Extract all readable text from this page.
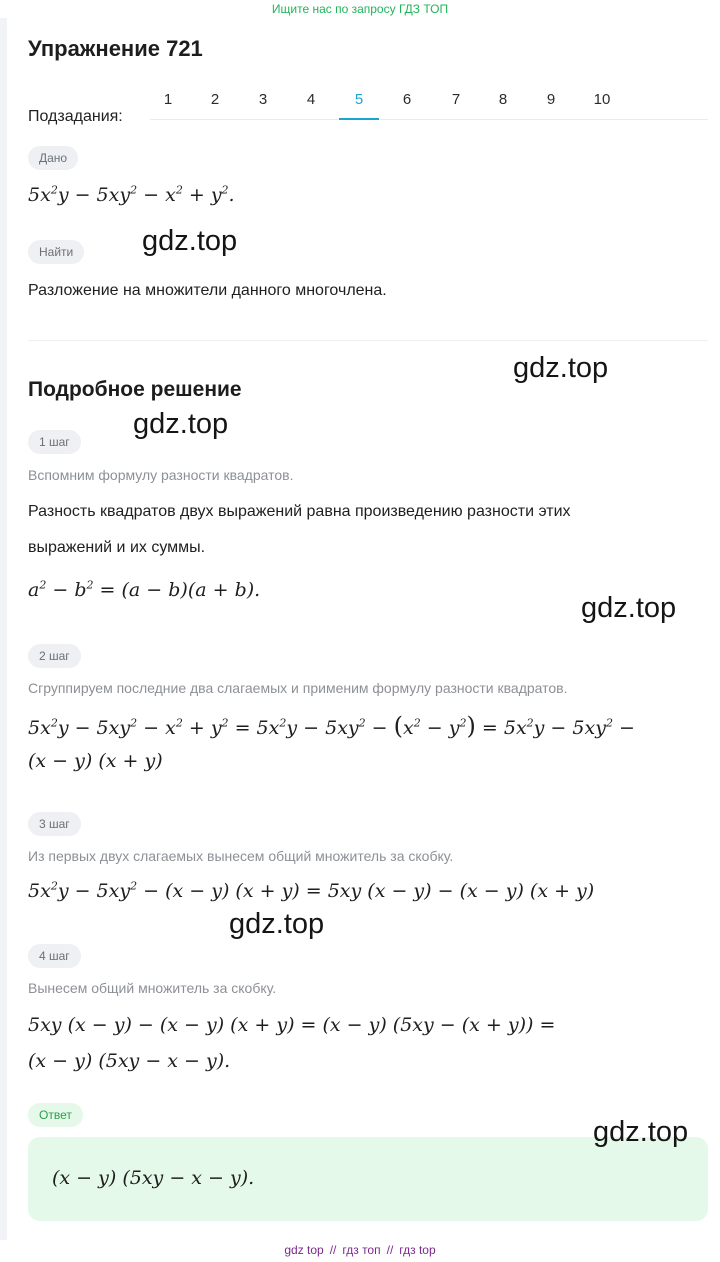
Ищите нас по запросу ГДЗ ТОП
Упражнение 721
Подзадания:
1	2	3	4	5	6	7	8	9	10
Дано
$5x^2y - 5xy^2 - x^2 + y^2$.
Найти
Разложение на множители данного многочлена.
Подробное решение
1 шаг
Вспомним формулу разности квадратов.
Разность квадратов двух выражений равна произведению разности этих
выражений и их суммы.
$a^2 - b^2 = (a - b)(a + b)$.
2 шаг
Сгруппируем последние два слагаемых и применим формулу разности квадратов.
$5x^2y - 5xy^2 - x^2 + y^2 = 5x^2y - 5xy^2 - (x^2 - y^2) = 5x^2y - 5xy^2$ −
(x − y) (x + y)
3 шаг
Из первых двух слагаемых вынесем общий множитель за скобку.
$5x^2y - 5xy^2 - (x - y) (x + y) = 5xy$ (x − y) − (x − y) (x + y)
4 шаг
Вынесем общий множитель за скобку.
5xy (x − y) − (x − y) (x + y) = (x − y) (5xy − (x + y)) =
(x − y) (5xy − x − y).
Ответ
(x − y) (5xy − x − y).
gdz.top
gdz.top
gdz.top
gdz.top
gdz.top
gdz.top
gdz top // гдз топ // гдз top
